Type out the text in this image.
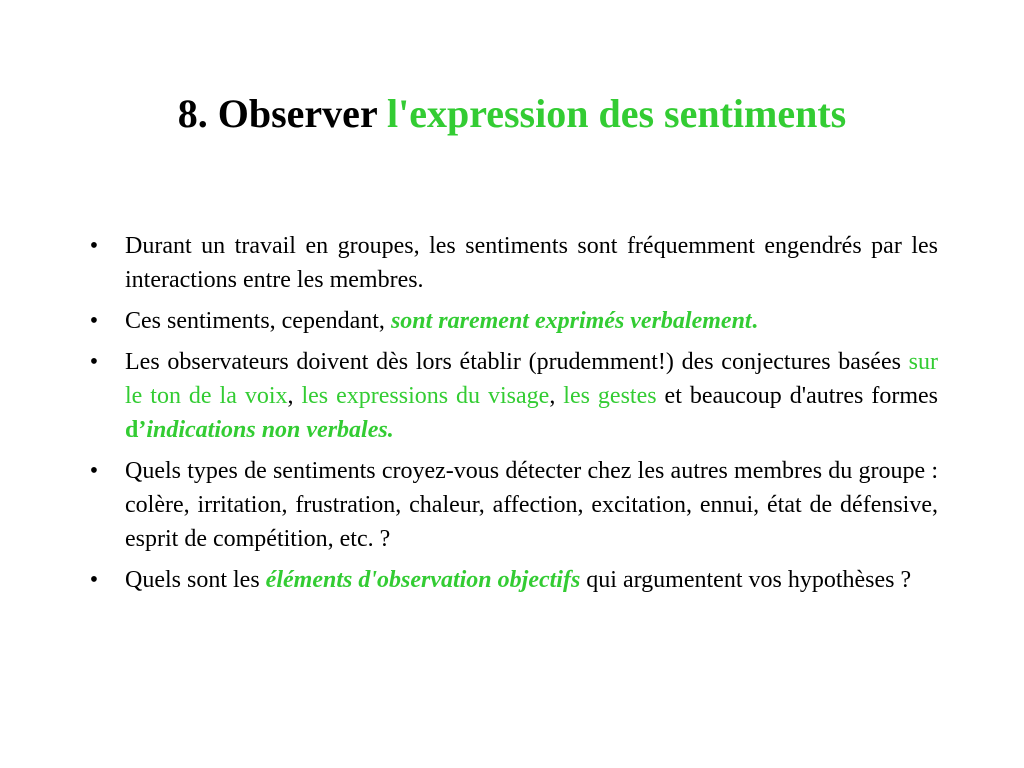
8. Observer l'expression des sentiments
• Durant un travail en groupes, les sentiments sont fréquemment engendrés par les interactions entre les membres.
• Ces sentiments, cependant, sont rarement exprimés verbalement.
• Les observateurs doivent dès lors établir (prudemment!) des conjectures basées sur le ton de la voix, les expressions du visage, les gestes et beaucoup d'autres formes d’indications non verbales.
• Quels types de sentiments croyez-vous détecter chez les autres membres du groupe : colère, irritation, frustration, chaleur, affection, excitation, ennui, état de défensive, esprit de compétition, etc. ?
• Quels sont les éléments d'observation objectifs qui argumentent vos hypothèses ?
